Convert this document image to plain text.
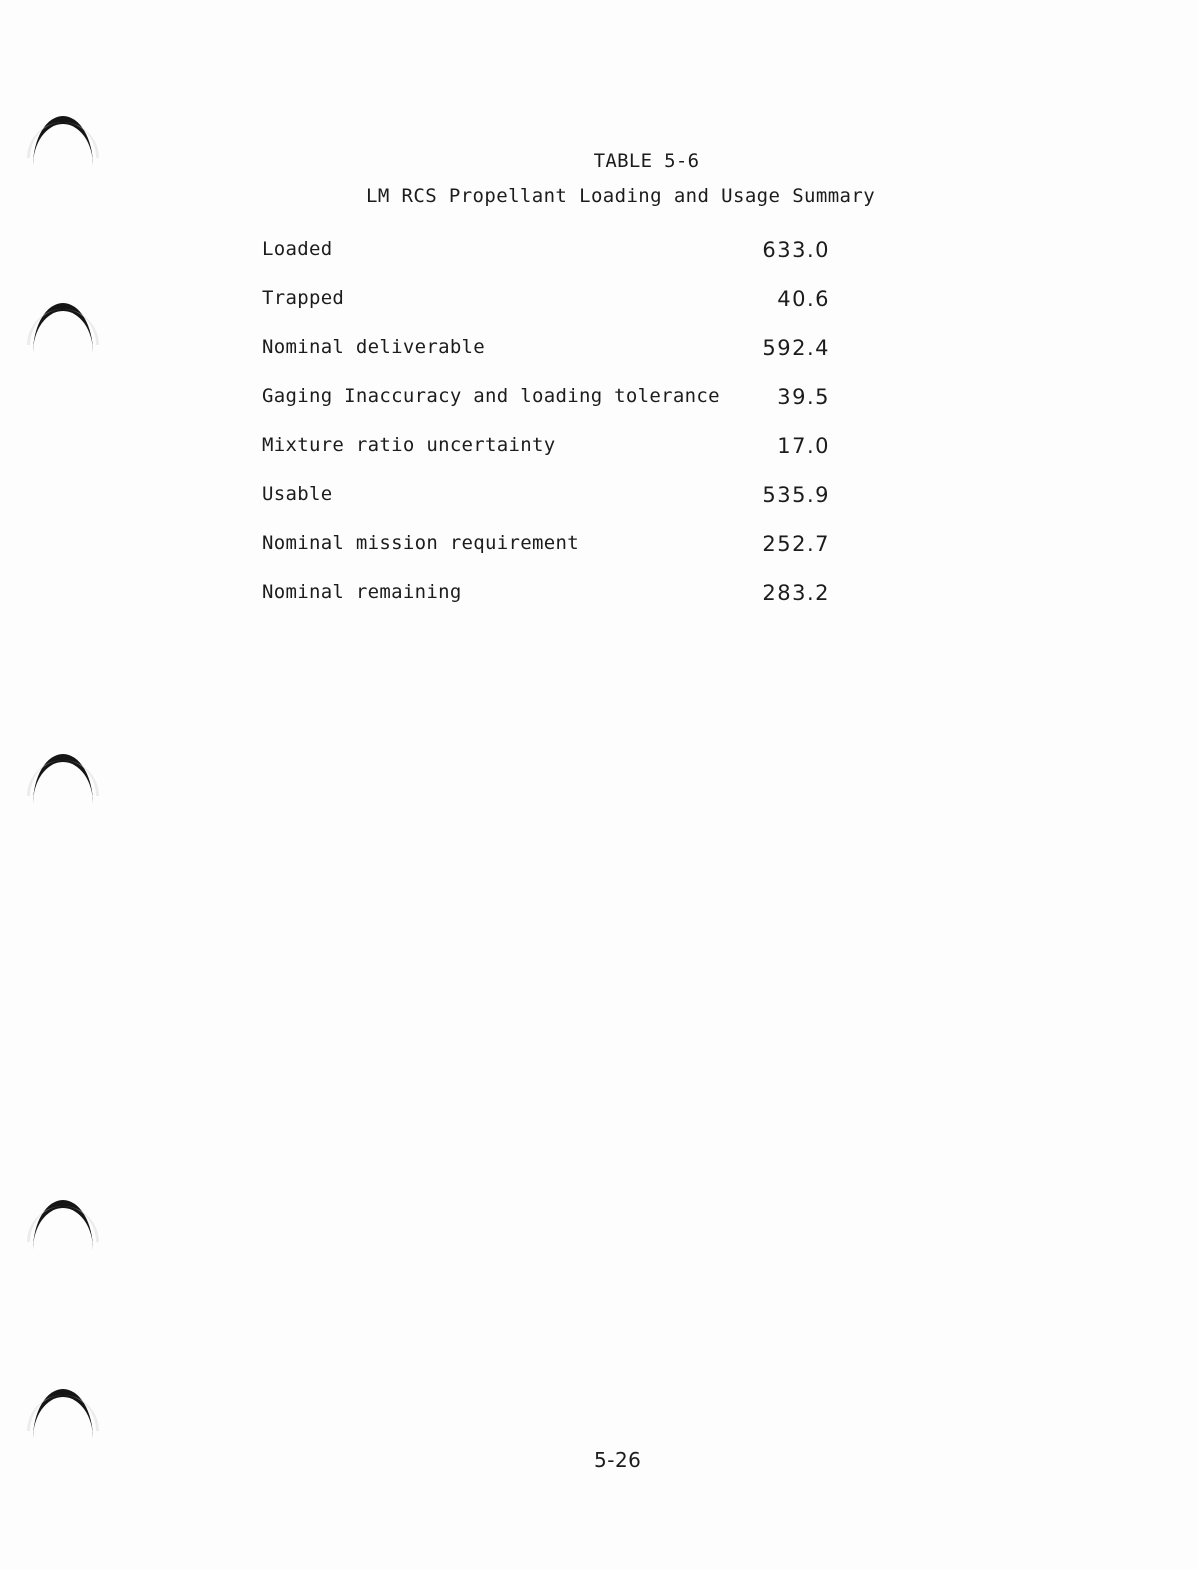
TABLE 5-6
LM RCS Propellant Loading and Usage Summary
Loaded	633.0
Trapped	40.6
Nominal deliverable	592.4
Gaging Inaccuracy and loading tolerance	39.5
Mixture ratio uncertainty	17.0
Usable	535.9
Nominal mission requirement	252.7
Nominal remaining	283.2
5-26
